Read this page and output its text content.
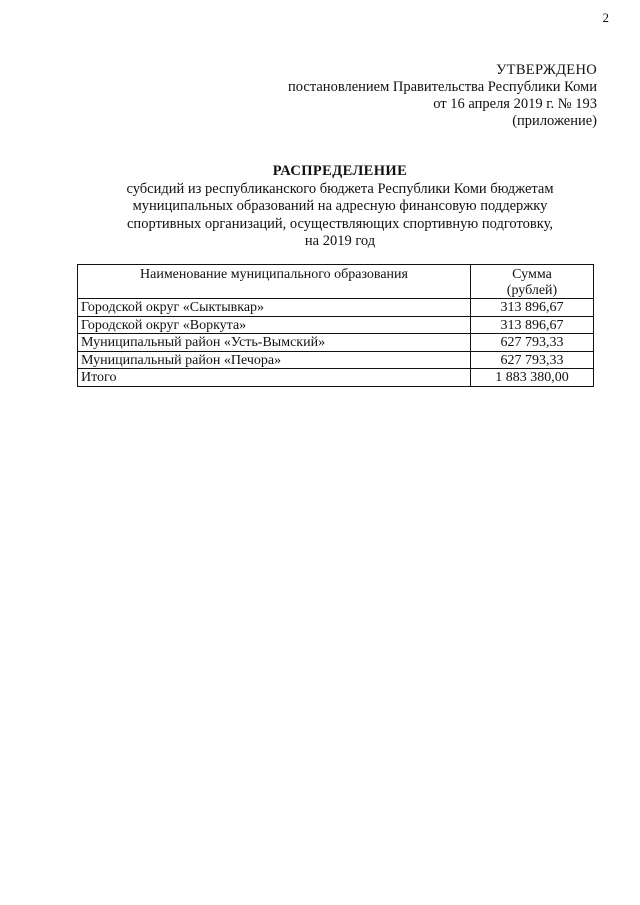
2
УТВЕРЖДЕНО
постановлением Правительства Республики Коми
от 16 апреля 2019 г. № 193
(приложение)
РАСПРЕДЕЛЕНИЕ
субсидий из республиканского бюджета Республики Коми бюджетам
муниципальных образований на адресную финансовую поддержку
спортивных организаций, осуществляющих спортивную подготовку,
на 2019 год
Наименование муниципального образования	Сумма
(рублей)

Городской округ «Сыктывкар»	313 896,67
Городской округ «Воркута»	313 896,67
Муниципальный район «Усть-Вымский»	627 793,33
Муниципальный район «Печора»	627 793,33
Итого	1 883 380,00
